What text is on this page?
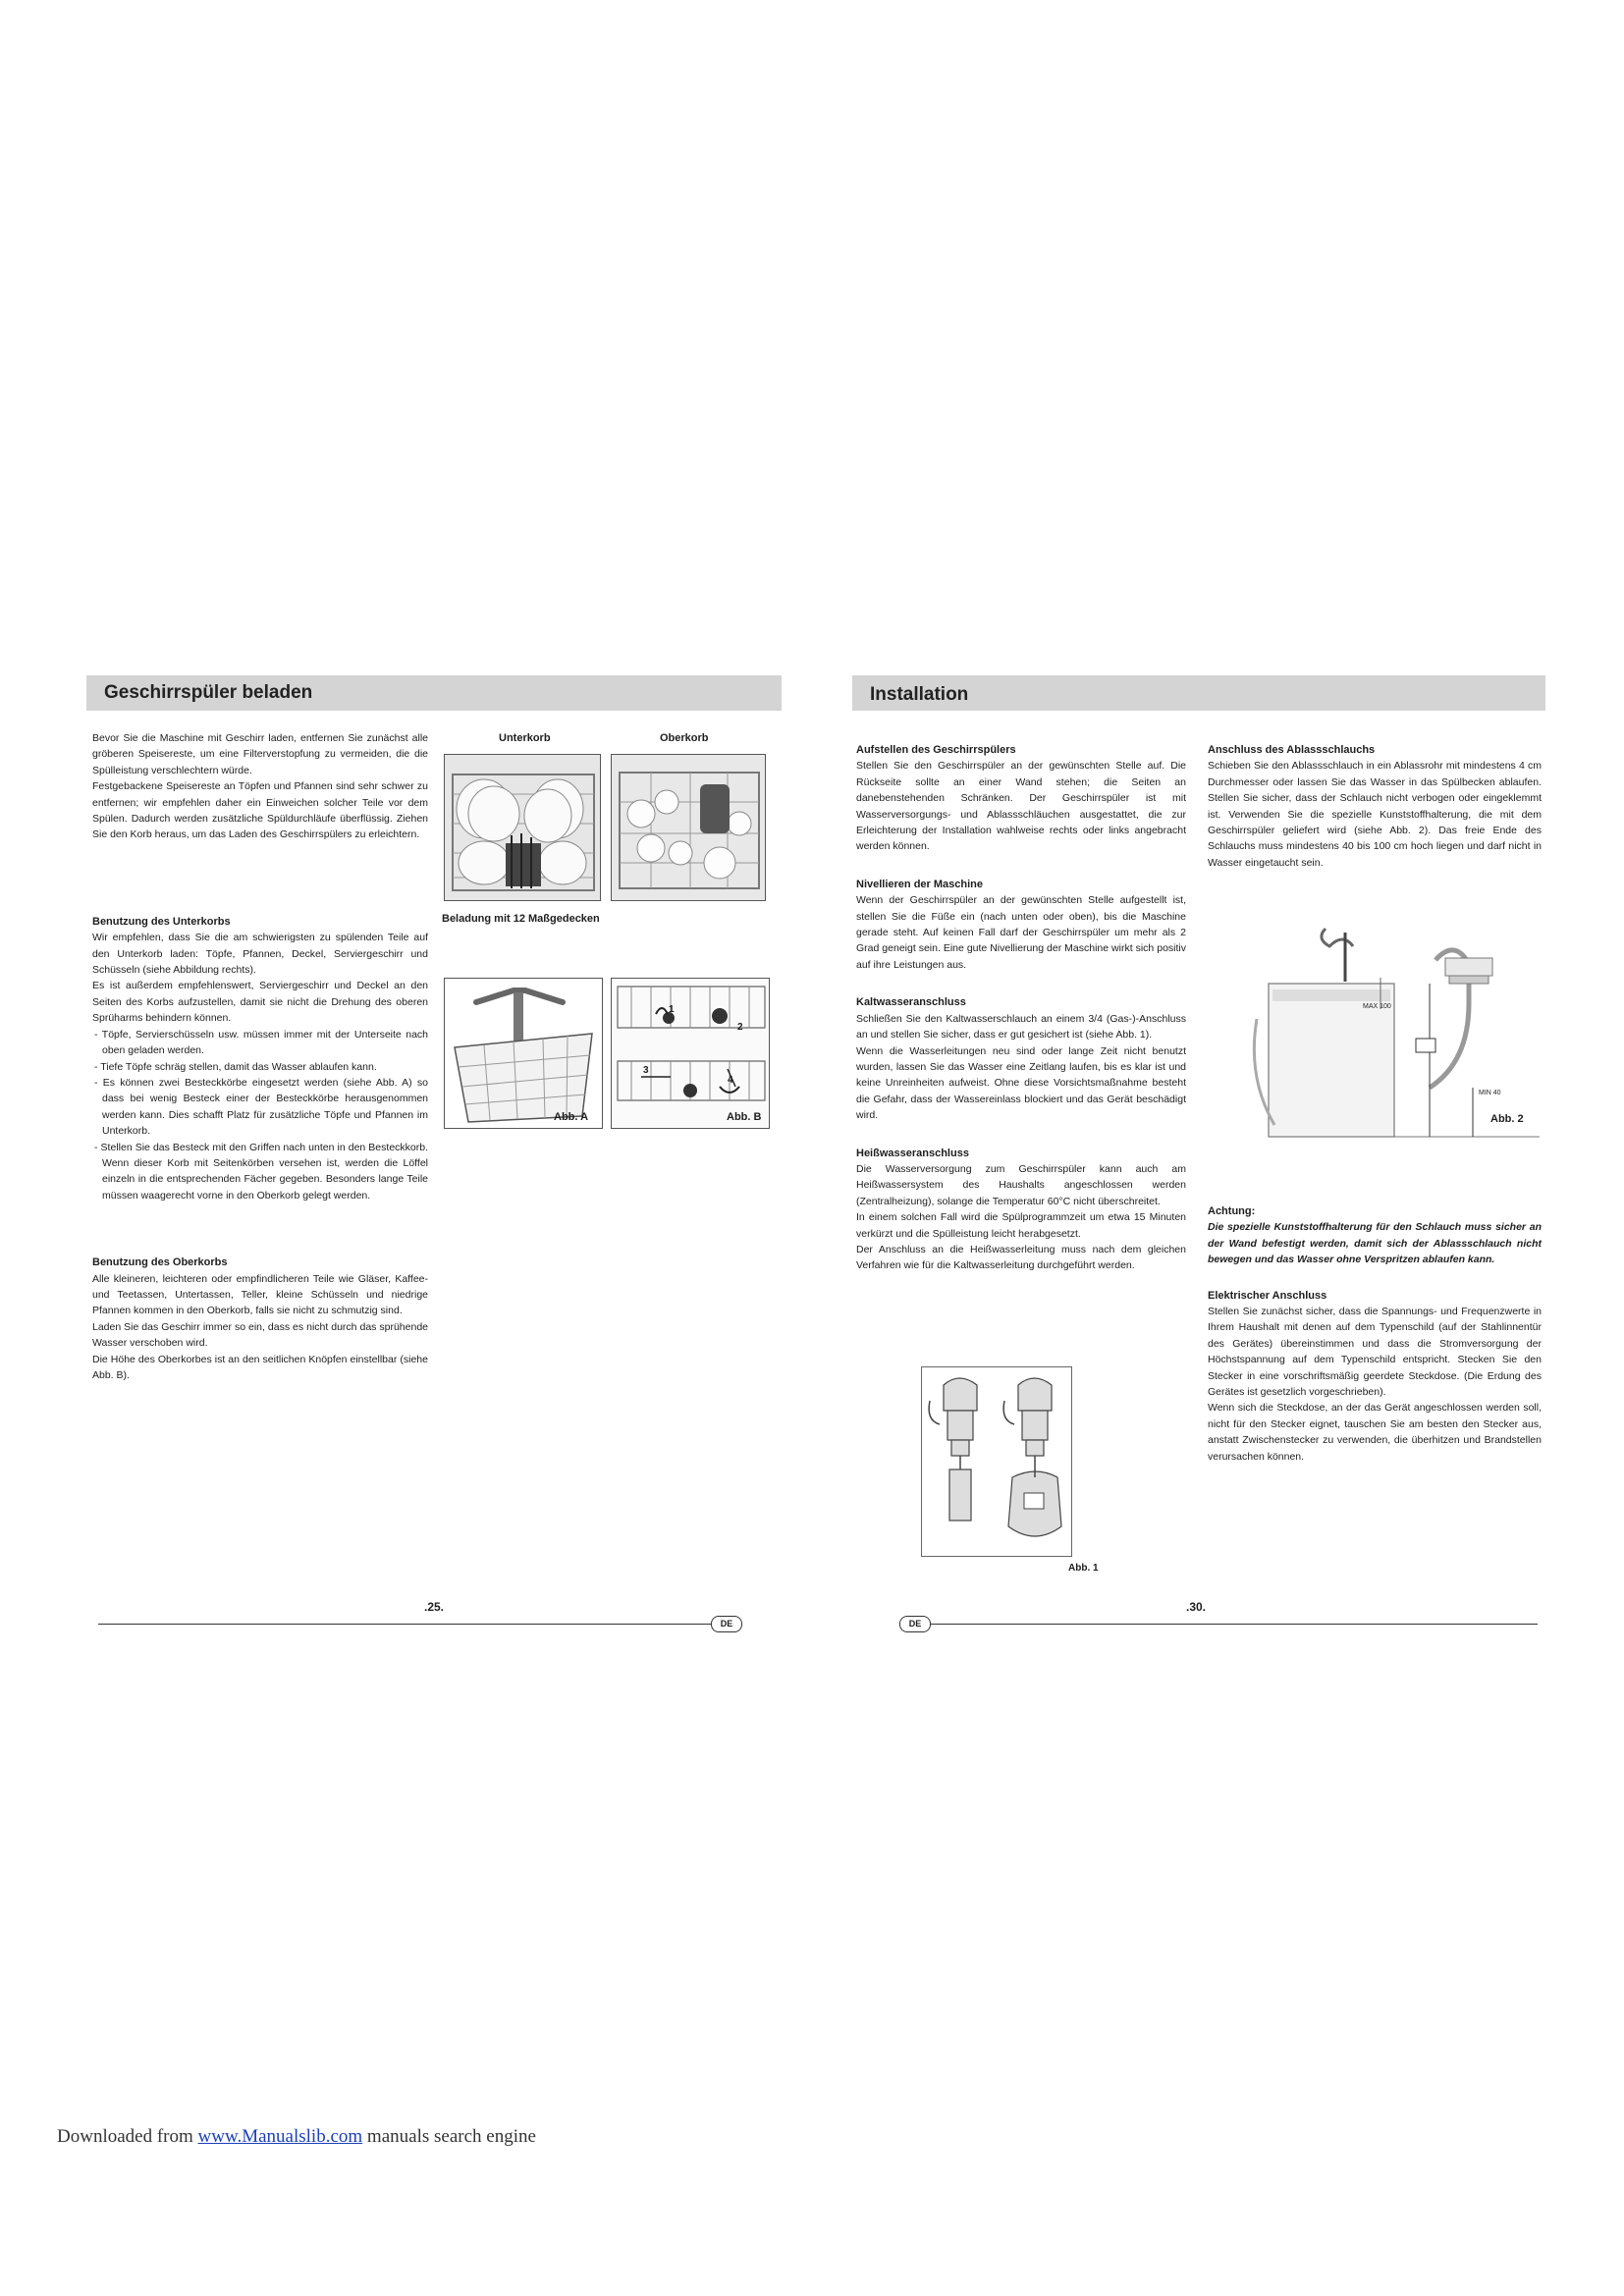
Geschirrspüler beladen

Bevor Sie die Maschine mit Geschirr laden, entfernen Sie zunächst alle gröberen Speisereste, um eine Filterverstopfung zu vermeiden, die die Spülleistung verschlechtern würde.

Festgebackene Speisereste an Töpfen und Pfannen sind sehr schwer zu entfernen; wir empfehlen daher ein Einweichen solcher Teile vor dem Spülen. Dadurch werden zusätzliche Spüldurchläufe überflüssig. Ziehen Sie den Korb heraus, um das Laden des Geschirrspülers zu erleichtern.

Benutzung des Unterkorbs

Wir empfehlen, dass Sie die am schwierigsten zu spülenden Teile auf den Unterkorb laden: Töpfe, Pfannen, Deckel, Serviergeschirr und Schüsseln (siehe Abbildung rechts).

Es ist außerdem empfehlenswert, Serviergeschirr und Deckel an den Seiten des Korbs aufzustellen, damit sie nicht die Drehung des oberen Sprüharms behindern können.

- Töpfe, Servierschüsseln usw. müssen immer mit der Unterseite nach oben geladen werden.

- Tiefe Töpfe schräg stellen, damit das Wasser ablaufen kann.

- Es können zwei Besteckkörbe eingesetzt werden (siehe Abb. A) so dass bei wenig Besteck einer der Besteckkörbe herausgenommen werden kann. Dies schafft Platz für zusätzliche Töpfe und Pfannen im Unterkorb.

- Stellen Sie das Besteck mit den Griffen nach unten in den Besteckkorb. Wenn dieser Korb mit Seitenkörben versehen ist, werden die Löffel einzeln in die entsprechenden Fächer gegeben. Besonders lange Teile müssen waagerecht vorne in den Oberkorb gelegt werden.

Benutzung des Oberkorbs

Alle kleineren, leichteren oder empfindlicheren Teile wie Gläser, Kaffee- und Teetassen, Untertassen, Teller, kleine Schüsseln und niedrige Pfannen kommen in den Oberkorb, falls sie nicht zu schmutzig sind.

Laden Sie das Geschirr immer so ein, dass es nicht durch das sprühende Wasser verschoben wird.

Die Höhe des Oberkorbes ist an den seitlichen Knöpfen einstellbar (siehe Abb. B).

Unterkorb	Oberkorb
Beladung mit 12 Maßgedecken
Abb. A
1
2
3
4
Abb. B
.25.
DE
Installation

Aufstellen des Geschirrspülers

Stellen Sie den Geschirrspüler an der gewünschten Stelle auf. Die Rückseite sollte an einer Wand stehen; die Seiten an danebenstehenden Schränken. Der Geschirrspüler ist mit Wasserversorgungs- und Ablassschläuchen ausgestattet, die zur Erleichterung der Installation wahlweise rechts oder links angebracht werden können.

Nivellieren der Maschine

Wenn der Geschirrspüler an der gewünschten Stelle aufgestellt ist, stellen Sie die Füße ein (nach unten oder oben), bis die Maschine gerade steht. Auf keinen Fall darf der Geschirrspüler um mehr als 2 Grad geneigt sein. Eine gute Nivellierung der Maschine wirkt sich positiv auf ihre Leistungen aus.

Kaltwasseranschluss

Schließen Sie den Kaltwasserschlauch an einem 3/4 (Gas-)-Anschluss an und stellen Sie sicher, dass er gut gesichert ist (siehe Abb. 1).

Wenn die Wasserleitungen neu sind oder lange Zeit nicht benutzt wurden, lassen Sie das Wasser eine Zeitlang laufen, bis es klar ist und keine Unreinheiten aufweist. Ohne diese Vorsichtsmaßnahme besteht die Gefahr, dass der Wassereinlass blockiert und das Gerät beschädigt wird.

Heißwasseranschluss

Die Wasserversorgung zum Geschirrspüler kann auch am Heißwassersystem des Haushalts angeschlossen werden (Zentralheizung), solange die Temperatur 60°C nicht überschreitet.

In einem solchen Fall wird die Spülprogrammzeit um etwa 15 Minuten verkürzt und die Spülleistung leicht herabgesetzt.

Der Anschluss an die Heißwasserleitung muss nach dem gleichen Verfahren wie für die Kaltwasserleitung durchgeführt werden.

Abb. 1

Anschluss des Ablassschlauchs

Schieben Sie den Ablassschlauch in ein Ablassrohr mit mindestens 4 cm Durchmesser oder lassen Sie das Wasser in das Spülbecken ablaufen. Stellen Sie sicher, dass der Schlauch nicht verbogen oder eingeklemmt ist. Verwenden Sie die spezielle Kunststoffhalterung, die mit dem Geschirrspüler geliefert wird (siehe Abb. 2). Das freie Ende des Schlauchs muss mindestens 40 bis 100 cm hoch liegen und darf nicht in Wasser eingetaucht sein.

MAX 100
MIN 40
Abb. 2

Achtung:

Die spezielle Kunststoffhalterung für den Schlauch muss sicher an der Wand befestigt werden, damit sich der Ablassschlauch nicht bewegen und das Wasser ohne Verspritzen ablaufen kann.

Elektrischer Anschluss

Stellen Sie zunächst sicher, dass die Spannungs- und Frequenzwerte in Ihrem Haushalt mit denen auf dem Typenschild (auf der Stahlinnentür des Gerätes) übereinstimmen und dass die Stromversorgung der Höchstspannung auf dem Typenschild entspricht. Stecken Sie den Stecker in eine vorschriftsmäßig geerdete Steckdose. (Die Erdung des Gerätes ist gesetzlich vorgeschrieben).

Wenn sich die Steckdose, an der das Gerät angeschlossen werden soll, nicht für den Stecker eignet, tauschen Sie am besten den Stecker aus, anstatt Zwischenstecker zu verwenden, die überhitzen und Brandstellen verursachen können.

.30.
DE
Downloaded from www.Manualslib.com manuals search engine
